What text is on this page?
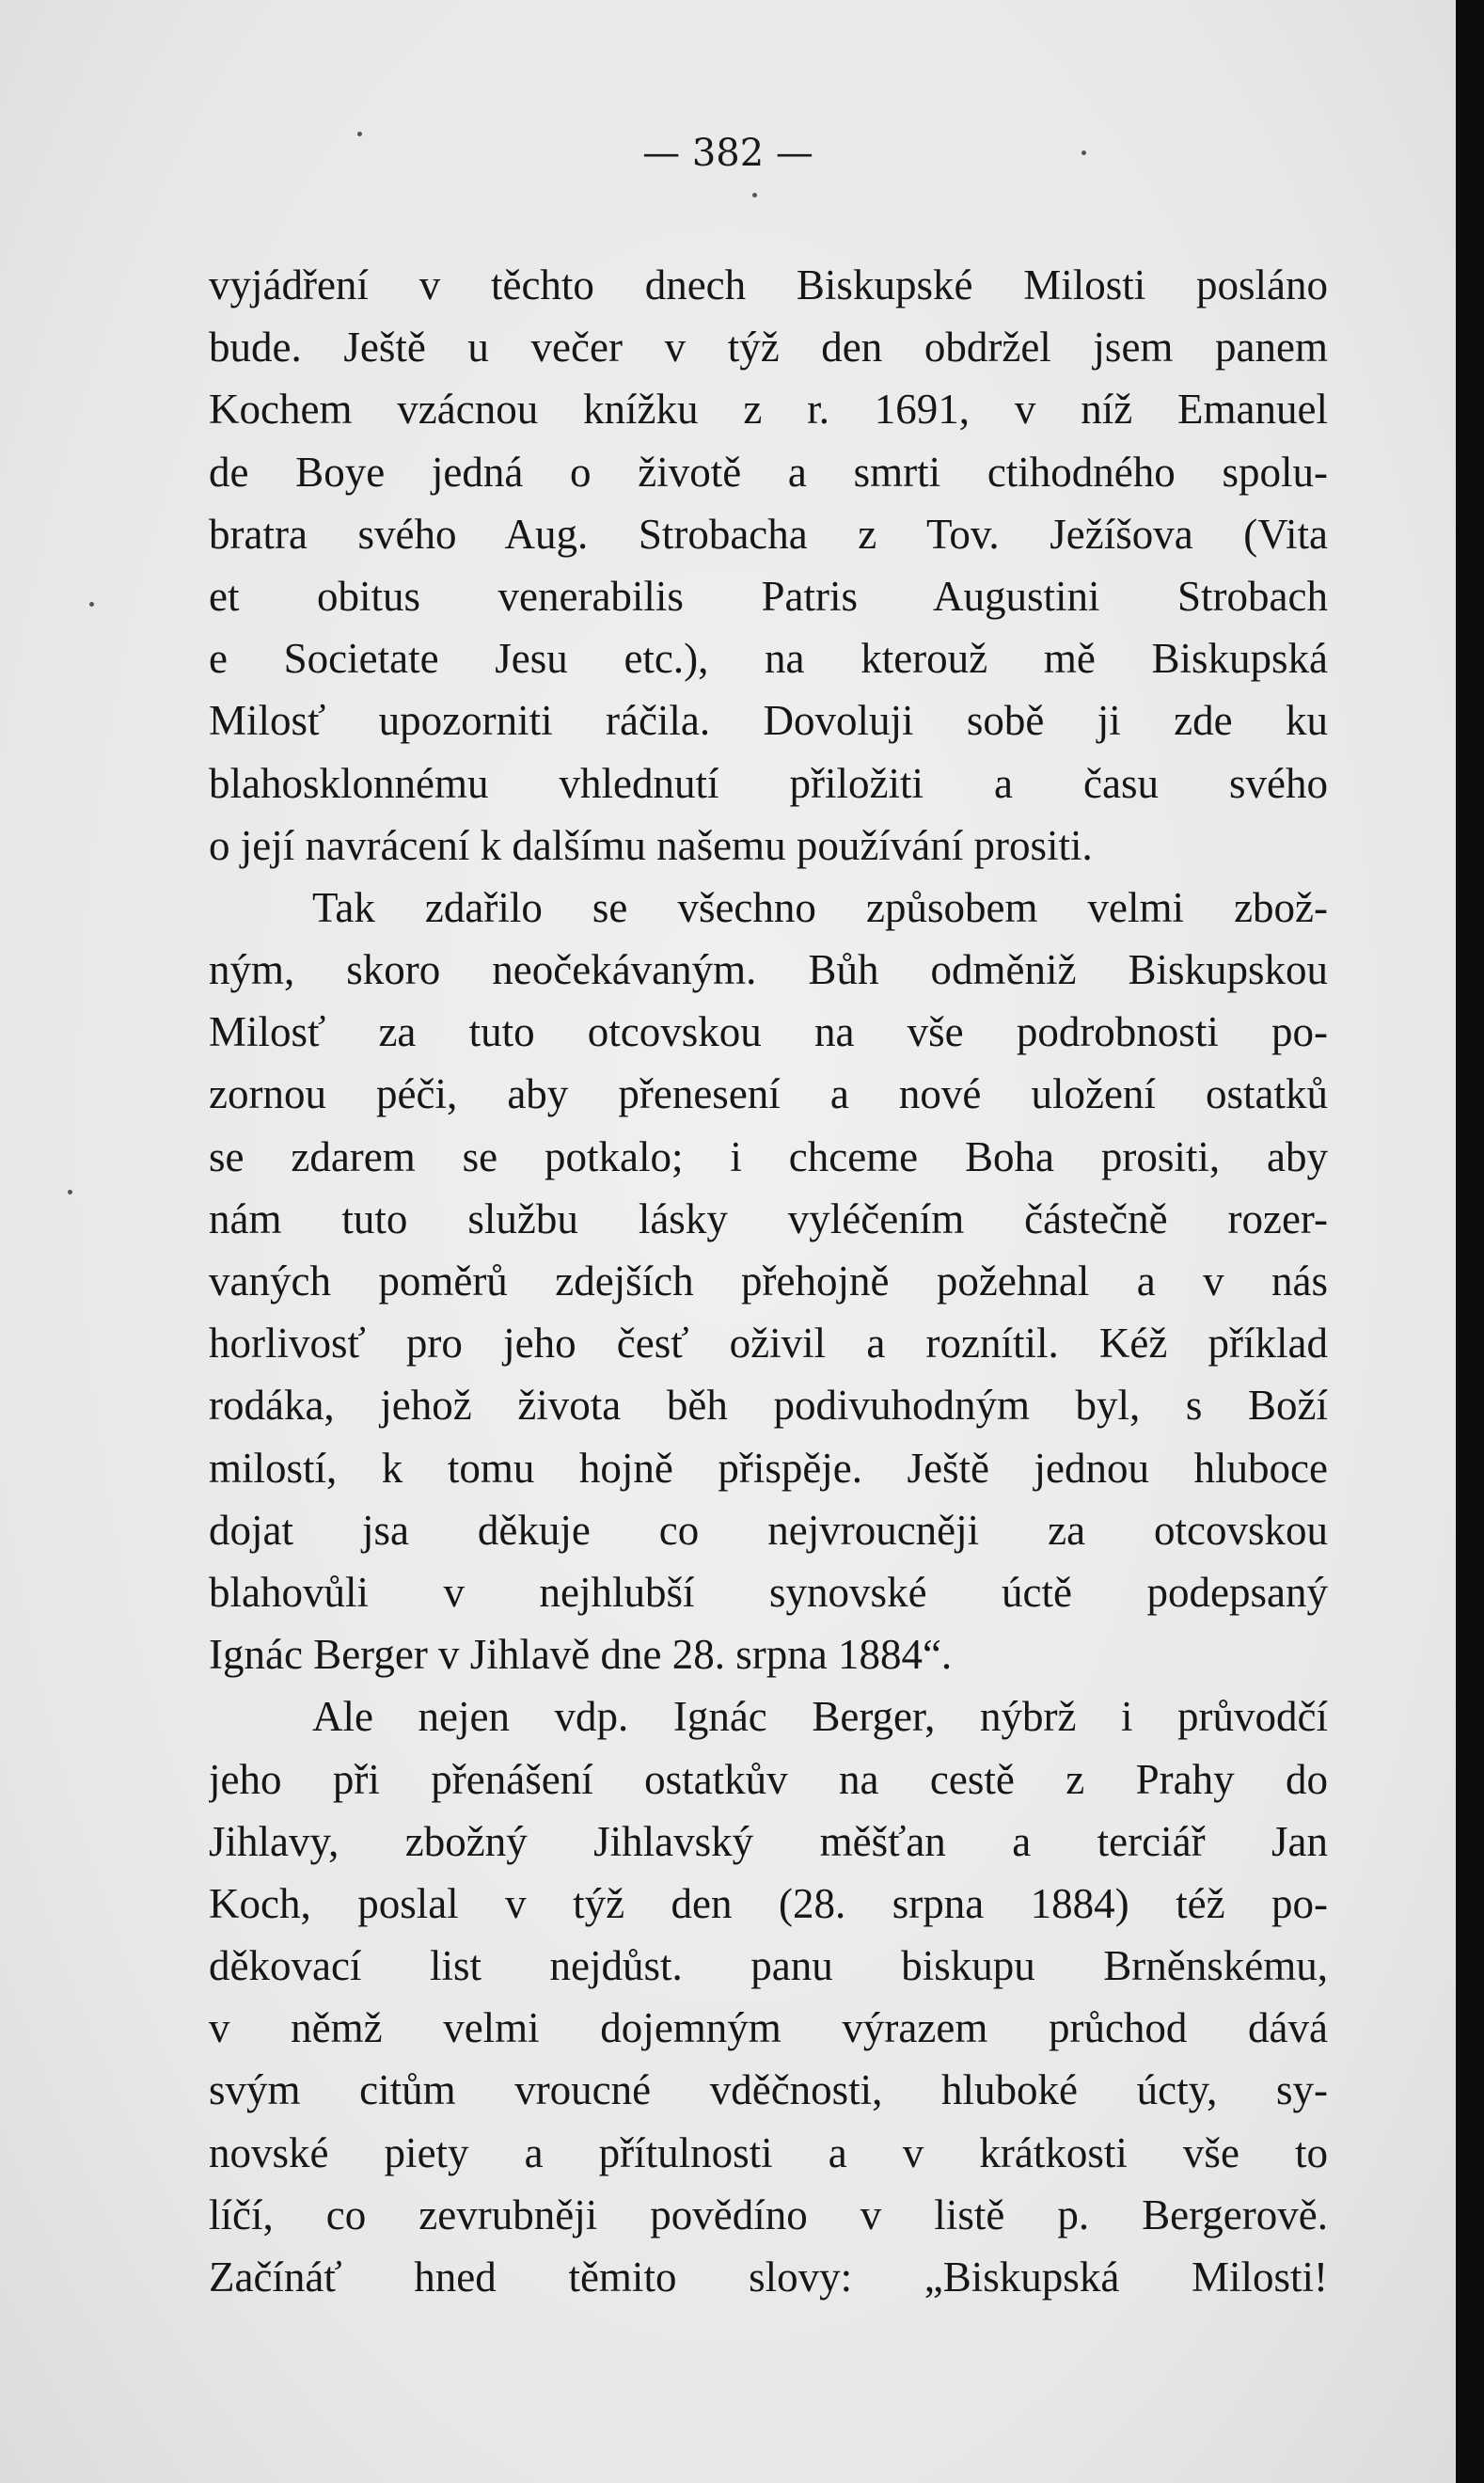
— 382 —
vyjádření v těchto dnech Biskupské Milosti posláno
bude. Ještě u večer v týž den obdržel jsem panem
Kochem vzácnou knížku z r. 1691, v níž Emanuel
de Boye jedná o životě a smrti ctihodného spolu-
bratra svého Aug. Strobacha z Tov. Ježíšova (Vita
et obitus venerabilis Patris Augustini Strobach
e Societate Jesu etc.), na kterouž mě Biskupská
Milosť upozorniti ráčila. Dovoluji sobě ji zde ku
blahosklonnému vhlednutí přiložiti a času svého
o její navrácení k dalšímu našemu používání prositi.
Tak zdařilo se všechno způsobem velmi zbož-
ným, skoro neočekávaným. Bůh odměniž Biskupskou
Milosť za tuto otcovskou na vše podrobnosti po-
zornou péči, aby přenesení a nové uložení ostatků
se zdarem se potkalo; i chceme Boha prositi, aby
nám tuto službu lásky vyléčením částečně rozer-
vaných poměrů zdejších přehojně požehnal a v nás
horlivosť pro jeho česť oživil a roznítil. Kéž příklad
rodáka, jehož života běh podivuhodným byl, s Boží
milostí, k tomu hojně přispěje. Ještě jednou hluboce
dojat jsa děkuje co nejvroucněji za otcovskou
blahovůli v nejhlubší synovské úctě podepsaný
Ignác Berger v Jihlavě dne 28. srpna 1884“.
Ale nejen vdp. Ignác Berger, nýbrž i průvodčí
jeho při přenášení ostatkův na cestě z Prahy do
Jihlavy, zbožný Jihlavský měšťan a terciář Jan
Koch, poslal v týž den (28. srpna 1884) též po-
děkovací list nejdůst. panu biskupu Brněnskému,
v němž velmi dojemným výrazem průchod dává
svým citům vroucné vděčnosti, hluboké úcty, sy-
novské piety a přítulnosti a v krátkosti vše to
líčí, co zevrubněji povědíno v listě p. Bergerově.
Začínáť hned těmito slovy: „Biskupská Milosti!
